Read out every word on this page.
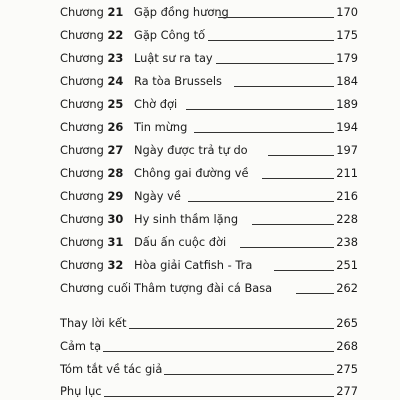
Chương 21 Gặp đồng hương	170
Chương 22 Gặp Công tố	175
Chương 23 Luật sư ra tay	179
Chương 24 Ra tòa Brussels	184
Chương 25 Chờ đợi	189
Chương 26 Tin mừng	194
Chương 27 Ngày được trả tự do	197
Chương 28 Chông gai đường về	211
Chương 29 Ngày về	216
Chương 30 Hy sinh thầm lặng	228
Chương 31 Dấu ấn cuộc đời	238
Chương 32 Hòa giải Catfish - Tra	251
Chương cuối Thâm tượng đài cá Basa	262
Thay lời kết	265
Cảm tạ	268
Tóm tắt về tác giả	275
Phụ lục	277
